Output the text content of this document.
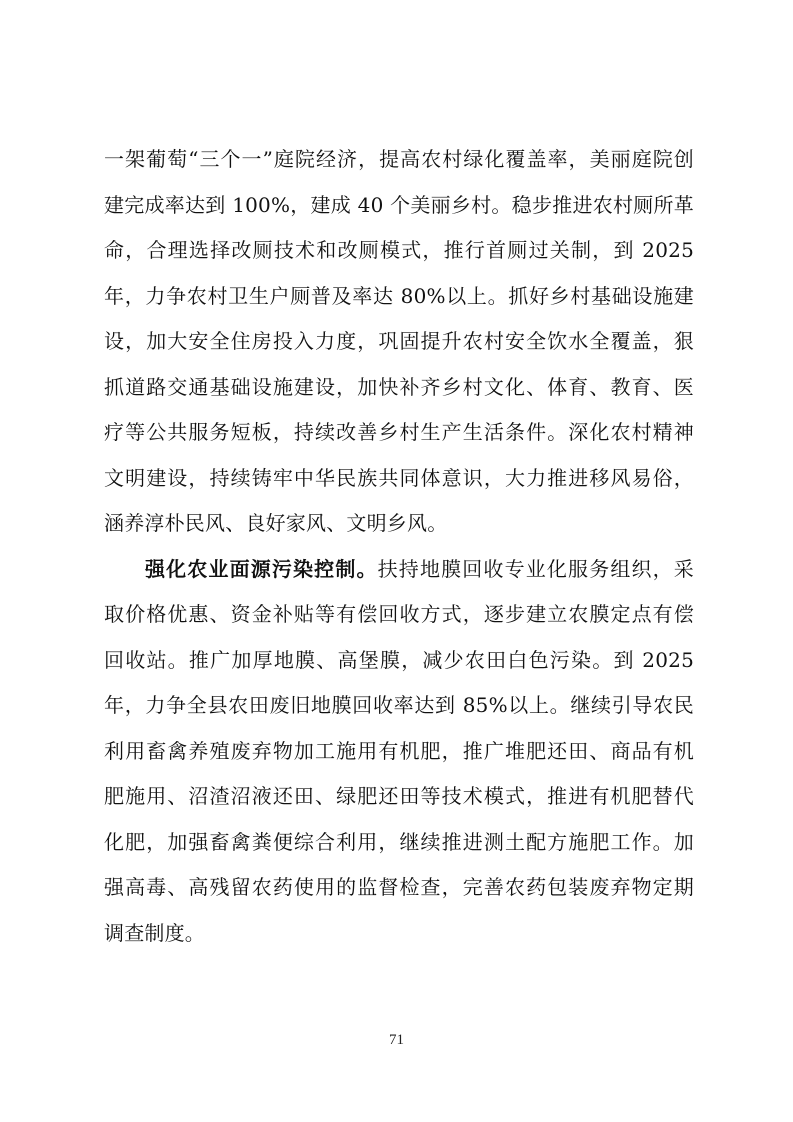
一架葡萄“三个一”庭院经济，提高农村绿化覆盖率，美丽庭院创
建完成率达到 100%，建成 40 个美丽乡村。稳步推进农村厕所革
命，合理选择改厕技术和改厕模式，推行首厕过关制，到 2025
年，力争农村卫生户厕普及率达 80%以上。抓好乡村基础设施建
设，加大安全住房投入力度，巩固提升农村安全饮水全覆盖，狠
抓道路交通基础设施建设，加快补齐乡村文化、体育、教育、医
疗等公共服务短板，持续改善乡村生产生活条件。深化农村精神
文明建设，持续铸牢中华民族共同体意识，大力推进移风易俗，
涵养淳朴民风、良好家风、文明乡风。
强化农业面源污染控制。扶持地膜回收专业化服务组织，采
取价格优惠、资金补贴等有偿回收方式，逐步建立农膜定点有偿
回收站。推广加厚地膜、高堡膜，减少农田白色污染。到 2025
年，力争全县农田废旧地膜回收率达到 85%以上。继续引导农民
利用畜禽养殖废弃物加工施用有机肥，推广堆肥还田、商品有机
肥施用、沼渣沼液还田、绿肥还田等技术模式，推进有机肥替代
化肥，加强畜禽粪便综合利用，继续推进测土配方施肥工作。加
强高毒、高残留农药使用的监督检查，完善农药包装废弃物定期
调查制度。
71
